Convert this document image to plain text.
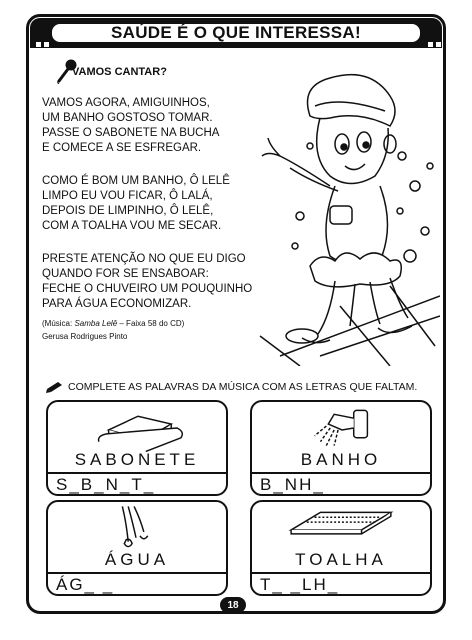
SAÚDE É O QUE INTERESSA!
VAMOS CANTAR?
VAMOS AGORA, AMIGUINHOS,
UM BANHO GOSTOSO TOMAR.
PASSE O SABONETE NA BUCHA
E COMECE A SE ESFREGAR.
COMO É BOM UM BANHO, Ô LELÊ
LIMPO EU VOU FICAR, Ô LALÁ,
DEPOIS DE LIMPINHO, Ô LELÊ,
COM A TOALHA VOU ME SECAR.
PRESTE ATENÇÃO NO QUE EU DIGO
QUANDO FOR SE ENSABOAR:
FECHE O CHUVEIRO UM POUQUINHO
PARA ÁGUA ECONOMIZAR.
(Música: Samba Lelê – Faixa 58 do CD)
Gerusa Rodrigues Pinto
COMPLETE AS PALAVRAS DA MÚSICA COM AS LETRAS QUE FALTAM.
SABONETE
S_B_N_T_
BANHO
B_NH_
ÁGUA
ÁG_ _
TOALHA
T_ _LH_
18
